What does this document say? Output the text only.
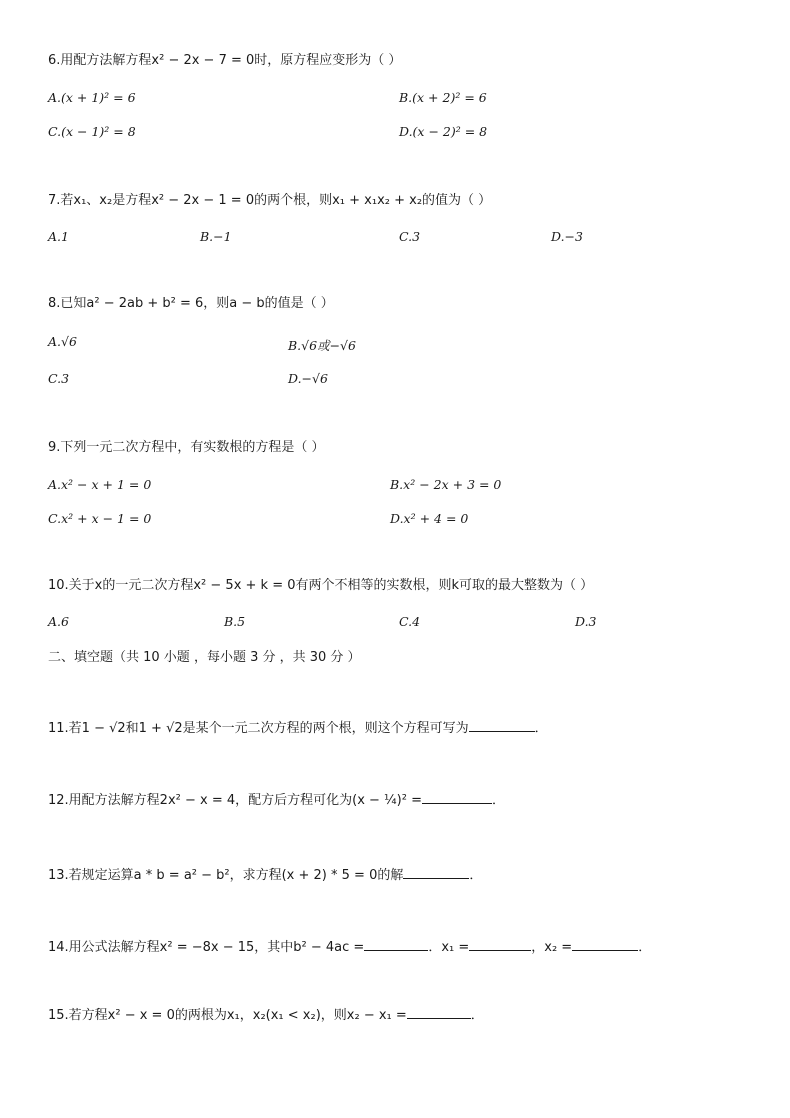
6.用配方法解方程x² − 2x − 7 = 0时，原方程应变形为（ ）
A.(x + 1)² = 6	B.(x + 2)² = 6
C.(x − 1)² = 8	D.(x − 2)² = 8
7.若x₁、x₂是方程x² − 2x − 1 = 0的两个根，则x₁ + x₁x₂ + x₂的值为（ ）
A.1	B.−1	C.3	D.−3
8.已知a² − 2ab + b² = 6，则a − b的值是（ ）
A.√6	B.√6或−√6
C.3	D.−√6
9.下列一元二次方程中，有实数根的方程是（ ）
A.x² − x + 1 = 0	B.x² − 2x + 3 = 0
C.x² + x − 1 = 0	D.x² + 4 = 0
10.关于x的一元二次方程x² − 5x + k = 0有两个不相等的实数根，则k可取的最大整数为（ ）
A.6	B.5	C.4	D.3
二、填空题（共 10 小题 ，每小题 3 分 ，共 30 分 ）
11.若1 − √2和1 + √2是某个一元二次方程的两个根，则这个方程可写为	．
12.用配方法解方程2x² − x = 4，配方后方程可化为(x − ¼)² =	．
13.若规定运算a * b = a² − b²，求方程(x + 2) * 5 = 0的解	．
14.用公式法解方程x² = −8x − 15，其中b² − 4ac =	．x₁ =	，x₂ =	．
15.若方程x² − x = 0的两根为x₁，x₂(x₁ < x₂)，则x₂ − x₁ =	．
